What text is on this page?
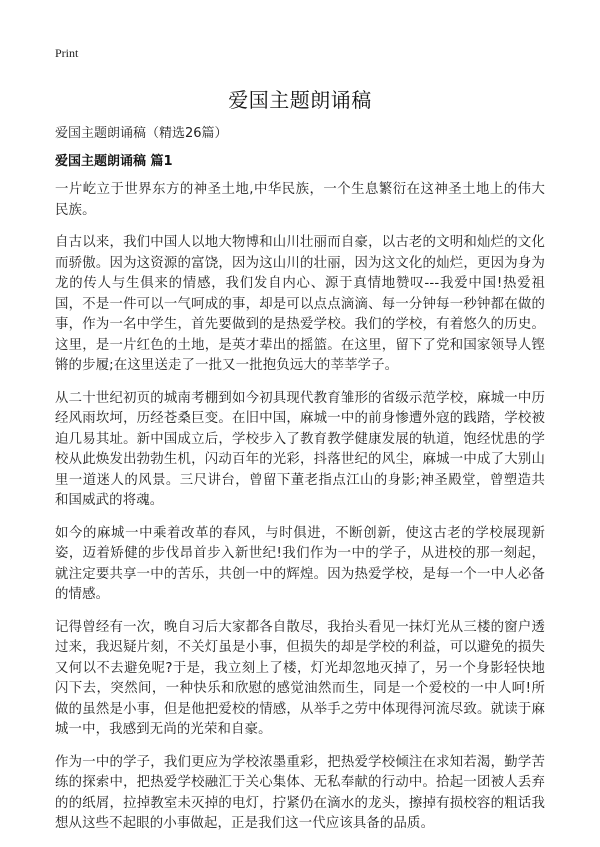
Print
爱国主题朗诵稿
爱国主题朗诵稿（精选26篇）
爱国主题朗诵稿 篇1

一片屹立于世界东方的神圣土地,中华民族，一个生息繁衍在这神圣土地上的伟大民族。

自古以来，我们中国人以地大物博和山川壮丽而自豪，以古老的文明和灿烂的文化而骄傲。因为这资源的富饶，因为这山川的壮丽，因为这文化的灿烂，更因为身为龙的传人与生俱来的情感，我们发自内心、源于真情地赞叹---我爱中国!热爱祖国，不是一件可以一气呵成的事，却是可以点点滴滴、每一分钟每一秒钟都在做的事，作为一名中学生，首先要做到的是热爱学校。我们的学校，有着悠久的历史。这里，是一片红色的土地，是英才辈出的摇篮。在这里，留下了党和国家领导人铿锵的步履;在这里送走了一批又一批抱负远大的莘莘学子。

从二十世纪初页的城南考棚到如今初具现代教育雏形的省级示范学校，麻城一中历经风雨坎坷，历经苍桑巨变。在旧中国，麻城一中的前身惨遭外寇的践踏，学校被迫几易其址。新中国成立后，学校步入了教育教学健康发展的轨道，饱经忧患的学校从此焕发出勃勃生机，闪动百年的光彩，抖落世纪的风尘，麻城一中成了大别山里一道迷人的风景。三尺讲台，曾留下董老指点江山的身影;神圣殿堂，曾塑造共和国威武的将魂。

如今的麻城一中乘着改革的春风，与时俱进，不断创新，使这古老的学校展现新姿，迈着矫健的步伐昂首步入新世纪!我们作为一中的学子，从进校的那一刻起，就注定要共享一中的苦乐，共创一中的辉煌。因为热爱学校，是每一个一中人必备的情感。

记得曾经有一次，晚自习后大家都各自散尽，我抬头看见一抹灯光从三楼的窗户透过来，我迟疑片刻，不关灯虽是小事，但损失的却是学校的利益，可以避免的损失又何以不去避免呢?于是，我立刻上了楼，灯光却忽地灭掉了，另一个身影轻快地闪下去，突然间，一种快乐和欣慰的感觉油然而生，同是一个爱校的一中人呵!所做的虽然是小事，但是他把爱校的情感，从举手之劳中体现得河流尽致。就读于麻城一中，我感到无尚的光荣和自豪。

作为一中的学子，我们更应为学校浓墨重彩，把热爱学校倾注在求知若渴，勤学苦练的探索中，把热爱学校融汇于关心集体、无私奉献的行动中。拾起一团被人丢弃的的纸屑，拉掉教室未灭掉的电灯，拧紧仍在滴水的龙头，擦掉有损校容的粗话我想从这些不起眼的小事做起，正是我们这一代应该具备的品质。
